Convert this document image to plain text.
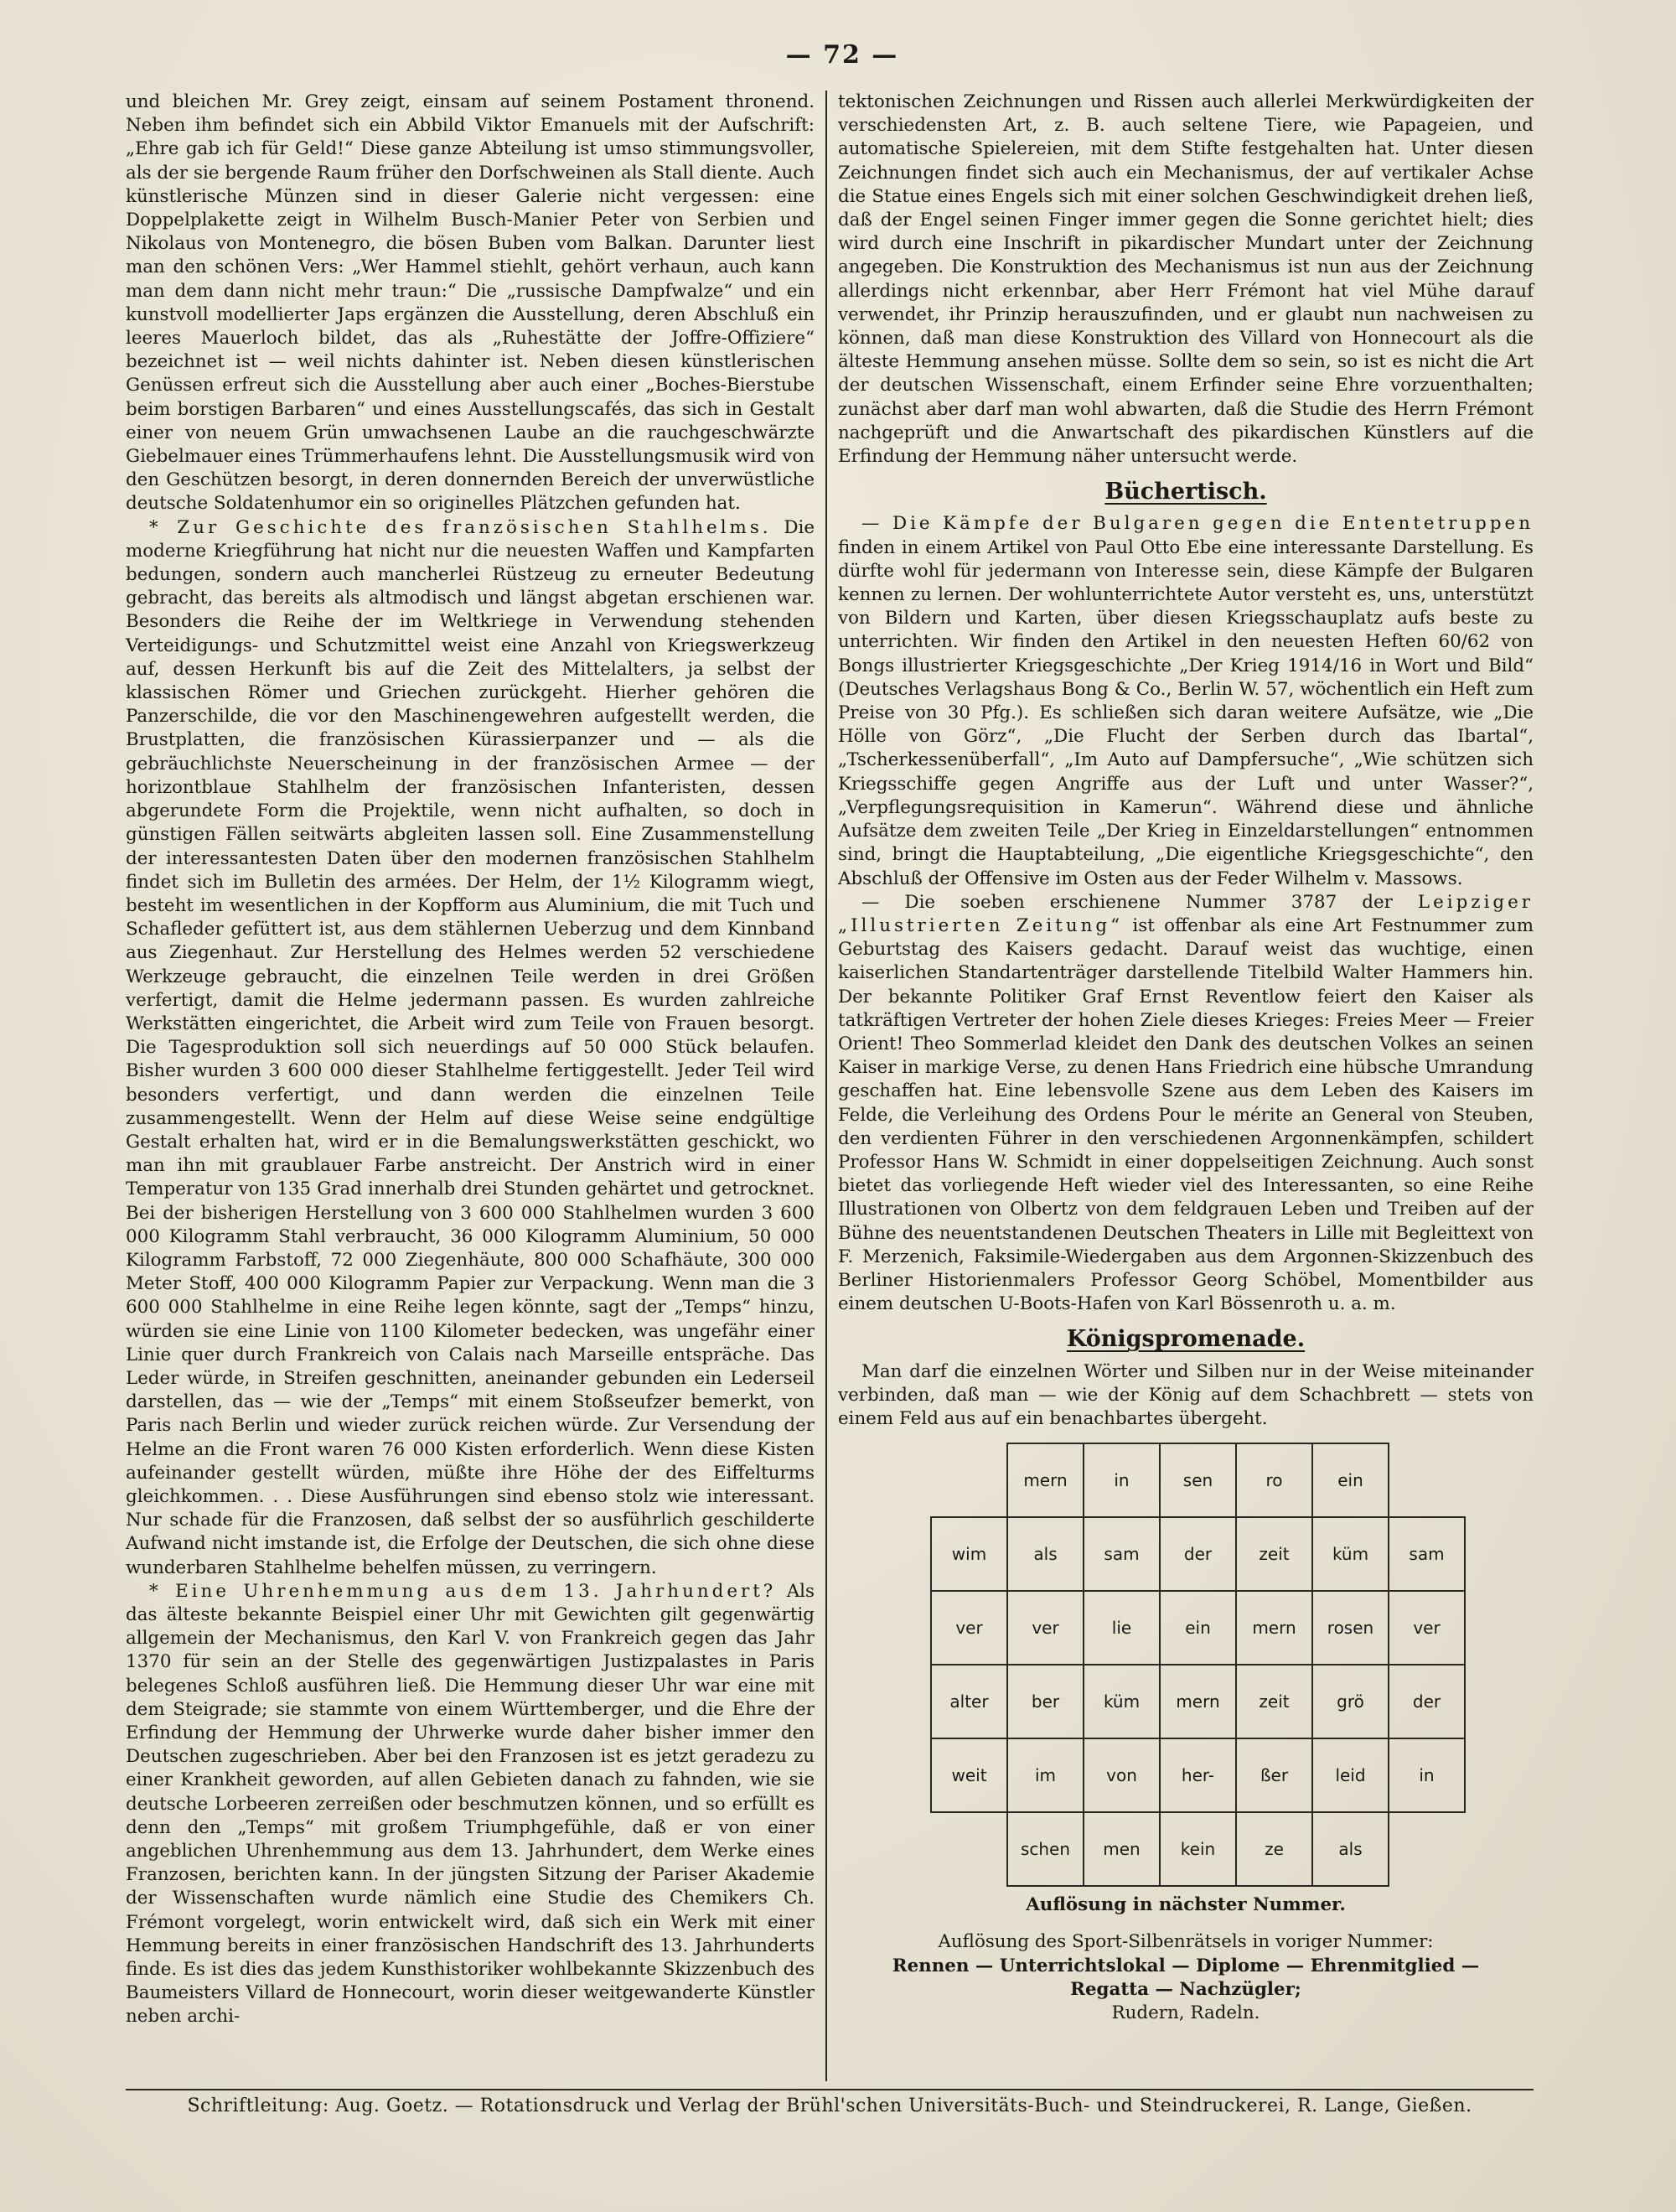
— 72 —

und bleichen Mr. Grey zeigt, einsam auf seinem Postament thronend. Neben ihm befindet sich ein Abbild Viktor Emanuels mit der Aufschrift: „Ehre gab ich für Geld!“ Diese ganze Abteilung ist umso stimmungsvoller, als der sie bergende Raum früher den Dorfschweinen als Stall diente. Auch künstlerische Münzen sind in dieser Galerie nicht vergessen: eine Doppelplakette zeigt in Wilhelm Busch-Manier Peter von Serbien und Nikolaus von Montenegro, die bösen Buben vom Balkan. Darunter liest man den schönen Vers: „Wer Hammel stiehlt, gehört verhaun, auch kann man dem dann nicht mehr traun:“ Die „russische Dampfwalze“ und ein kunstvoll modellierter Japs ergänzen die Ausstellung, deren Abschluß ein leeres Mauerloch bildet, das als „Ruhestätte der Joffre-Offiziere“ bezeichnet ist — weil nichts dahinter ist. Neben diesen künstlerischen Genüssen erfreut sich die Ausstellung aber auch einer „Boches-Bierstube beim borstigen Barbaren“ und eines Ausstellungscafés, das sich in Gestalt einer von neuem Grün umwachsenen Laube an die rauchgeschwärzte Giebelmauer eines Trümmerhaufens lehnt. Die Ausstellungsmusik wird von den Geschützen besorgt, in deren donnernden Bereich der unverwüstliche deutsche Soldatenhumor ein so originelles Plätzchen gefunden hat.

* Zur Geschichte des französischen Stahlhelms. Die moderne Kriegführung hat nicht nur die neuesten Waffen und Kampfarten bedungen, sondern auch mancherlei Rüstzeug zu erneuter Bedeutung gebracht, das bereits als altmodisch und längst abgetan erschienen war. Besonders die Reihe der im Weltkriege in Verwendung stehenden Verteidigungs- und Schutzmittel weist eine Anzahl von Kriegswerkzeug auf, dessen Herkunft bis auf die Zeit des Mittelalters, ja selbst der klassischen Römer und Griechen zurückgeht. Hierher gehören die Panzerschilde, die vor den Maschinengewehren aufgestellt werden, die Brustplatten, die französischen Kürassierpanzer und — als die gebräuchlichste Neuerscheinung in der französischen Armee — der horizontblaue Stahlhelm der französischen Infanteristen, dessen abgerundete Form die Projektile, wenn nicht aufhalten, so doch in günstigen Fällen seitwärts abgleiten lassen soll. Eine Zusammenstellung der interessantesten Daten über den modernen französischen Stahlhelm findet sich im Bulletin des armées. Der Helm, der 1½ Kilogramm wiegt, besteht im wesentlichen in der Kopfform aus Aluminium, die mit Tuch und Schafleder gefüttert ist, aus dem stählernen Ueberzug und dem Kinnband aus Ziegenhaut. Zur Herstellung des Helmes werden 52 verschiedene Werkzeuge gebraucht, die einzelnen Teile werden in drei Größen verfertigt, damit die Helme jedermann passen. Es wurden zahlreiche Werkstätten eingerichtet, die Arbeit wird zum Teile von Frauen besorgt. Die Tagesproduktion soll sich neuerdings auf 50 000 Stück belaufen. Bisher wurden 3 600 000 dieser Stahlhelme fertiggestellt. Jeder Teil wird besonders verfertigt, und dann werden die einzelnen Teile zusammengestellt. Wenn der Helm auf diese Weise seine endgültige Gestalt erhalten hat, wird er in die Bemalungswerkstätten geschickt, wo man ihn mit graublauer Farbe anstreicht. Der Anstrich wird in einer Temperatur von 135 Grad innerhalb drei Stunden gehärtet und getrocknet. Bei der bisherigen Herstellung von 3 600 000 Stahlhelmen wurden 3 600 000 Kilogramm Stahl verbraucht, 36 000 Kilogramm Aluminium, 50 000 Kilogramm Farbstoff, 72 000 Ziegenhäute, 800 000 Schafhäute, 300 000 Meter Stoff, 400 000 Kilogramm Papier zur Verpackung. Wenn man die 3 600 000 Stahlhelme in eine Reihe legen könnte, sagt der „Temps“ hinzu, würden sie eine Linie von 1100 Kilometer bedecken, was ungefähr einer Linie quer durch Frankreich von Calais nach Marseille entspräche. Das Leder würde, in Streifen geschnitten, aneinander gebunden ein Lederseil darstellen, das — wie der „Temps“ mit einem Stoßseufzer bemerkt, von Paris nach Berlin und wieder zurück reichen würde. Zur Versendung der Helme an die Front waren 76 000 Kisten erforderlich. Wenn diese Kisten aufeinander gestellt würden, müßte ihre Höhe der des Eiffelturms gleichkommen. . . Diese Ausführungen sind ebenso stolz wie interessant. Nur schade für die Franzosen, daß selbst der so ausführlich geschilderte Aufwand nicht imstande ist, die Erfolge der Deutschen, die sich ohne diese wunderbaren Stahlhelme behelfen müssen, zu verringern.

* Eine Uhrenhemmung aus dem 13. Jahrhundert? Als das älteste bekannte Beispiel einer Uhr mit Gewichten gilt gegenwärtig allgemein der Mechanismus, den Karl V. von Frankreich gegen das Jahr 1370 für sein an der Stelle des gegenwärtigen Justizpalastes in Paris belegenes Schloß ausführen ließ. Die Hemmung dieser Uhr war eine mit dem Steigrade; sie stammte von einem Württemberger, und die Ehre der Erfindung der Hemmung der Uhrwerke wurde daher bisher immer den Deutschen zugeschrieben. Aber bei den Franzosen ist es jetzt geradezu zu einer Krankheit geworden, auf allen Gebieten danach zu fahnden, wie sie deutsche Lorbeeren zerreißen oder beschmutzen können, und so erfüllt es denn den „Temps“ mit großem Triumphgefühle, daß er von einer angeblichen Uhrenhemmung aus dem 13. Jahrhundert, dem Werke eines Franzosen, berichten kann. In der jüngsten Sitzung der Pariser Akademie der Wissenschaften wurde nämlich eine Studie des Chemikers Ch. Frémont vorgelegt, worin entwickelt wird, daß sich ein Werk mit einer Hemmung bereits in einer französischen Handschrift des 13. Jahrhunderts finde. Es ist dies das jedem Kunsthistoriker wohlbekannte Skizzenbuch des Baumeisters Villard de Honnecourt, worin dieser weitgewanderte Künstler neben archi-

tektonischen Zeichnungen und Rissen auch allerlei Merkwürdigkeiten der verschiedensten Art, z. B. auch seltene Tiere, wie Papageien, und automatische Spielereien, mit dem Stifte festgehalten hat. Unter diesen Zeichnungen findet sich auch ein Mechanismus, der auf vertikaler Achse die Statue eines Engels sich mit einer solchen Geschwindigkeit drehen ließ, daß der Engel seinen Finger immer gegen die Sonne gerichtet hielt; dies wird durch eine Inschrift in pikardischer Mundart unter der Zeichnung angegeben. Die Konstruktion des Mechanismus ist nun aus der Zeichnung allerdings nicht erkennbar, aber Herr Frémont hat viel Mühe darauf verwendet, ihr Prinzip herauszufinden, und er glaubt nun nachweisen zu können, daß man diese Konstruktion des Villard von Honnecourt als die älteste Hemmung ansehen müsse. Sollte dem so sein, so ist es nicht die Art der deutschen Wissenschaft, einem Erfinder seine Ehre vorzuenthalten; zunächst aber darf man wohl abwarten, daß die Studie des Herrn Frémont nachgeprüft und die Anwartschaft des pikardischen Künstlers auf die Erfindung der Hemmung näher untersucht werde.

Büchertisch.

— Die Kämpfe der Bulgaren gegen die Ententetruppen finden in einem Artikel von Paul Otto Ebe eine interessante Darstellung. Es dürfte wohl für jedermann von Interesse sein, diese Kämpfe der Bulgaren kennen zu lernen. Der wohlunterrichtete Autor versteht es, uns, unterstützt von Bildern und Karten, über diesen Kriegsschauplatz aufs beste zu unterrichten. Wir finden den Artikel in den neuesten Heften 60/62 von Bongs illustrierter Kriegsgeschichte „Der Krieg 1914/16 in Wort und Bild“ (Deutsches Verlagshaus Bong & Co., Berlin W. 57, wöchentlich ein Heft zum Preise von 30 Pfg.). Es schließen sich daran weitere Aufsätze, wie „Die Hölle von Görz“, „Die Flucht der Serben durch das Ibartal“, „Tscherkessenüberfall“, „Im Auto auf Dampfersuche“, „Wie schützen sich Kriegsschiffe gegen Angriffe aus der Luft und unter Wasser?“, „Verpflegungsrequisition in Kamerun“. Während diese und ähnliche Aufsätze dem zweiten Teile „Der Krieg in Einzeldarstellungen“ entnommen sind, bringt die Hauptabteilung, „Die eigentliche Kriegsgeschichte“, den Abschluß der Offensive im Osten aus der Feder Wilhelm v. Massows.

— Die soeben erschienene Nummer 3787 der Leipziger „Illustrierten Zeitung“ ist offenbar als eine Art Festnummer zum Geburtstag des Kaisers gedacht. Darauf weist das wuchtige, einen kaiserlichen Standartenträger darstellende Titelbild Walter Hammers hin. Der bekannte Politiker Graf Ernst Reventlow feiert den Kaiser als tatkräftigen Vertreter der hohen Ziele dieses Krieges: Freies Meer — Freier Orient! Theo Sommerlad kleidet den Dank des deutschen Volkes an seinen Kaiser in markige Verse, zu denen Hans Friedrich eine hübsche Umrandung geschaffen hat. Eine lebensvolle Szene aus dem Leben des Kaisers im Felde, die Verleihung des Ordens Pour le mérite an General von Steuben, den verdienten Führer in den verschiedenen Argonnenkämpfen, schildert Professor Hans W. Schmidt in einer doppelseitigen Zeichnung. Auch sonst bietet das vorliegende Heft wieder viel des Interessanten, so eine Reihe Illustrationen von Olbertz von dem feldgrauen Leben und Treiben auf der Bühne des neuentstandenen Deutschen Theaters in Lille mit Begleittext von F. Merzenich, Faksimile-Wiedergaben aus dem Argonnen-Skizzenbuch des Berliner Historienmalers Professor Georg Schöbel, Momentbilder aus einem deutschen U-Boots-Hafen von Karl Bössenroth u. a. m.

Königspromenade.

Man darf die einzelnen Wörter und Silben nur in der Weise miteinander verbinden, daß man — wie der König auf dem Schachbrett — stets von einem Feld aus auf ein benachbartes übergeht.

	mern	in	sen	ro	ein	
wim	als	sam	der	zeit	küm	sam
ver	ver	lie	ein	mern	rosen	ver
alter	ber	küm	mern	zeit	grö	der
weit	im	von	her-	ßer	leid	in
	schen	men	kein	ze	als	
Auflösung in nächster Nummer.
Auflösung des Sport-Silbenrätsels in voriger Nummer:
Rennen — Unterrichtslokal — Diplome — Ehrenmitglied —
Regatta — Nachzügler;
Rudern, Radeln.
Schriftleitung: Aug. Goetz. — Rotationsdruck und Verlag der Brühl'schen Universitäts-Buch- und Steindruckerei, R. Lange, Gießen.
